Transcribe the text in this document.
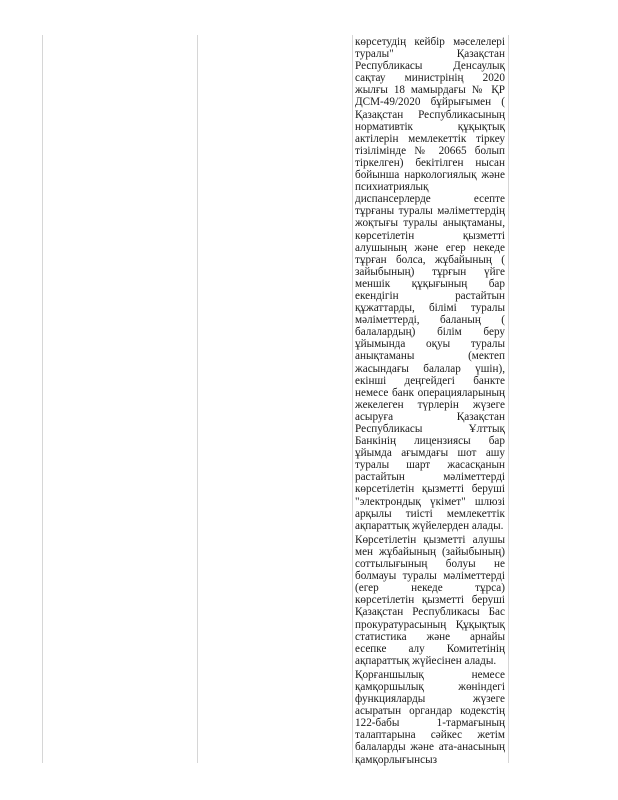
көрсетудің кейбір мәселелері туралы" Қазақстан Республикасы Денсаулық сақтау министрінің 2020 жылғы 18 мамырдағы № ҚР ДСМ-49/2020 бұйрығымен ( Қазақстан Республикасының нормативтік құқықтық актілерін мемлекеттік тіркеу тізілімінде № 20665 болып тіркелген) бекітілген нысан бойынша наркологиялық және психиатриялық диспансерлерде есепте тұрғаны туралы мәліметтердің жоқтығы туралы анықтаманы, көрсетілетін қызметті алушының және егер некеде тұрған болса, жұбайының ( зайыбының) тұрғын үйге меншік құқығының бар екендігін растайтын құжаттарды, білімі туралы мәліметтерді, баланың ( балалардың) білім беру ұйымында оқуы туралы анықтаманы (мектеп жасындағы балалар үшін), екінші деңгейдегі банкте немесе банк операцияларының жекелеген түрлерін жүзеге асыруға Қазақстан Республикасы Ұлттық Банкінің лицензиясы бар ұйымда ағымдағы шот ашу туралы шарт жасасқанын растайтын мәліметтерді көрсетілетін қызметті беруші "электрондық үкімет" шлюзі арқылы тиісті мемлекеттік ақпараттық жүйелерден алады.

Көрсетілетін қызметті алушы мен жұбайының (зайыбының) соттылығының болуы не болмауы туралы мәліметтерді (егер некеде тұрса) көрсетілетін қызметті беруші Қазақстан Республикасы Бас прокуратурасының Құқықтық статистика және арнайы есепке алу Комитетінің ақпараттық жүйесінен алады.

Қорғаншылық немесе қамқоршылық жөніндегі функцияларды жүзеге асыратын органдар кодекстің 122-бабы 1-тармағының талаптарына сәйкес жетім балаларды және ата-анасының қамқорлығынсыз
